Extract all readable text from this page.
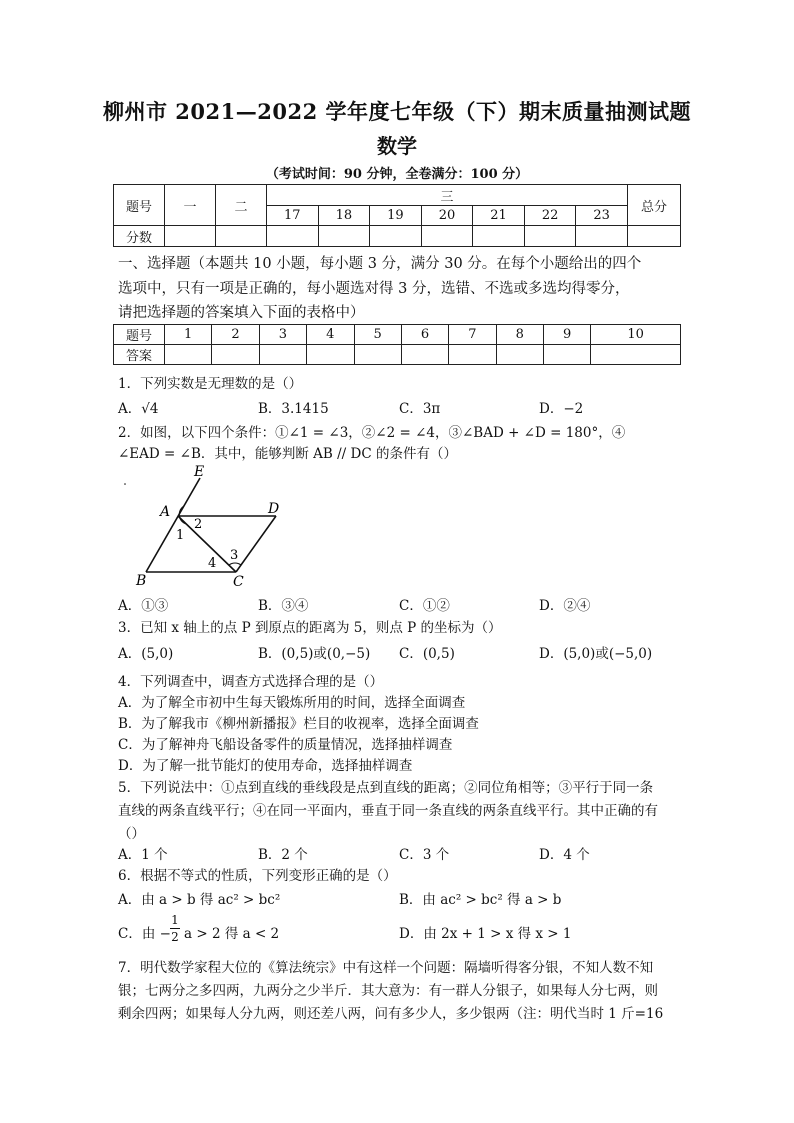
柳州市 2021—2022 学年度七年级（下）期末质量抽测试题
数学
（考试时间：90 分钟，全卷满分：100 分）
题号	一	二	三							总分
			17	18	19	20	21	22	23	
分数										
一、选择题（本题共 10 小题，每小题 3 分，满分 30 分。在每个小题给出的四个
选项中，只有一项是正确的，每小题选对得 3 分，选错、不选或多选均得零分，
请把选择题的答案填入下面的表格中）
题号	1	2	3	4	5	6	7	8	9	10
答案										
1．下列实数是无理数的是（）
A．√4	B．3.1415	C．3π	D．−2
2．如图，以下四个条件：①∠1 = ∠3，②∠2 = ∠4，③∠BAD + ∠D = 180°，④
∠EAD = ∠B．其中，能够判断 AB // DC 的条件有（）
E
A	D
B	C
1
2
3
4
A．①③	B．③④	C．①②	D．②④
3．已知 x 轴上的点 P 到原点的距离为 5，则点 P 的坐标为（）
A．(5,0)	B．(0,5)或(0,−5) C．(0,5)	D．(5,0)或(−5,0)
4．下列调查中，调查方式选择合理的是（）
A．为了解全市初中生每天锻炼所用的时间，选择全面调查
B．为了解我市《柳州新播报》栏目的收视率，选择全面调查
C．为了解神舟飞船设备零件的质量情况，选择抽样调查
D．为了解一批节能灯的使用寿命，选择抽样调查
5．下列说法中：①点到直线的垂线段是点到直线的距离；②同位角相等；③平行于同一条
直线的两条直线平行；④在同一平面内，垂直于同一条直线的两条直线平行。其中正确的有
（）
A．1 个	B．2 个	C．3 个	D．4 个
6．根据不等式的性质，下列变形正确的是（）
A．由 a > b 得 ac² > bc²	B．由 ac² > bc² 得 a > b
C．由 −
1
2 a > 2 得 a < 2	D．由 2x + 1 > x 得 x > 1
7．明代数学家程大位的《算法统宗》中有这样一个问题：隔墙听得客分银，不知人数不知
银；七两分之多四两，九两分之少半斤．其大意为：有一群人分银子，如果每人分七两，则
剩余四两；如果每人分九两，则还差八两，问有多少人，多少银两（注：明代当时 1 斤=16
